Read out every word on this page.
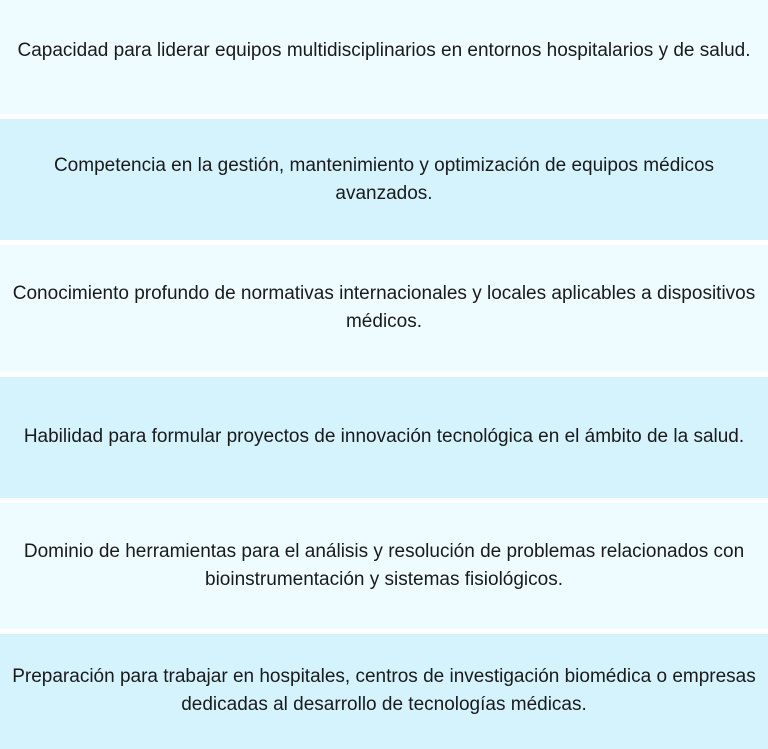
Capacidad para liderar equipos multidisciplinarios en entornos hospitalarios y de salud.
Competencia en la gestión, mantenimiento y optimización de equipos médicos avanzados.
Conocimiento profundo de normativas internacionales y locales aplicables a dispositivos médicos.
Habilidad para formular proyectos de innovación tecnológica en el ámbito de la salud.
Dominio de herramientas para el análisis y resolución de problemas relacionados con bioinstrumentación y sistemas fisiológicos.
Preparación para trabajar en hospitales, centros de investigación biomédica o empresas dedicadas al desarrollo de tecnologías médicas.
